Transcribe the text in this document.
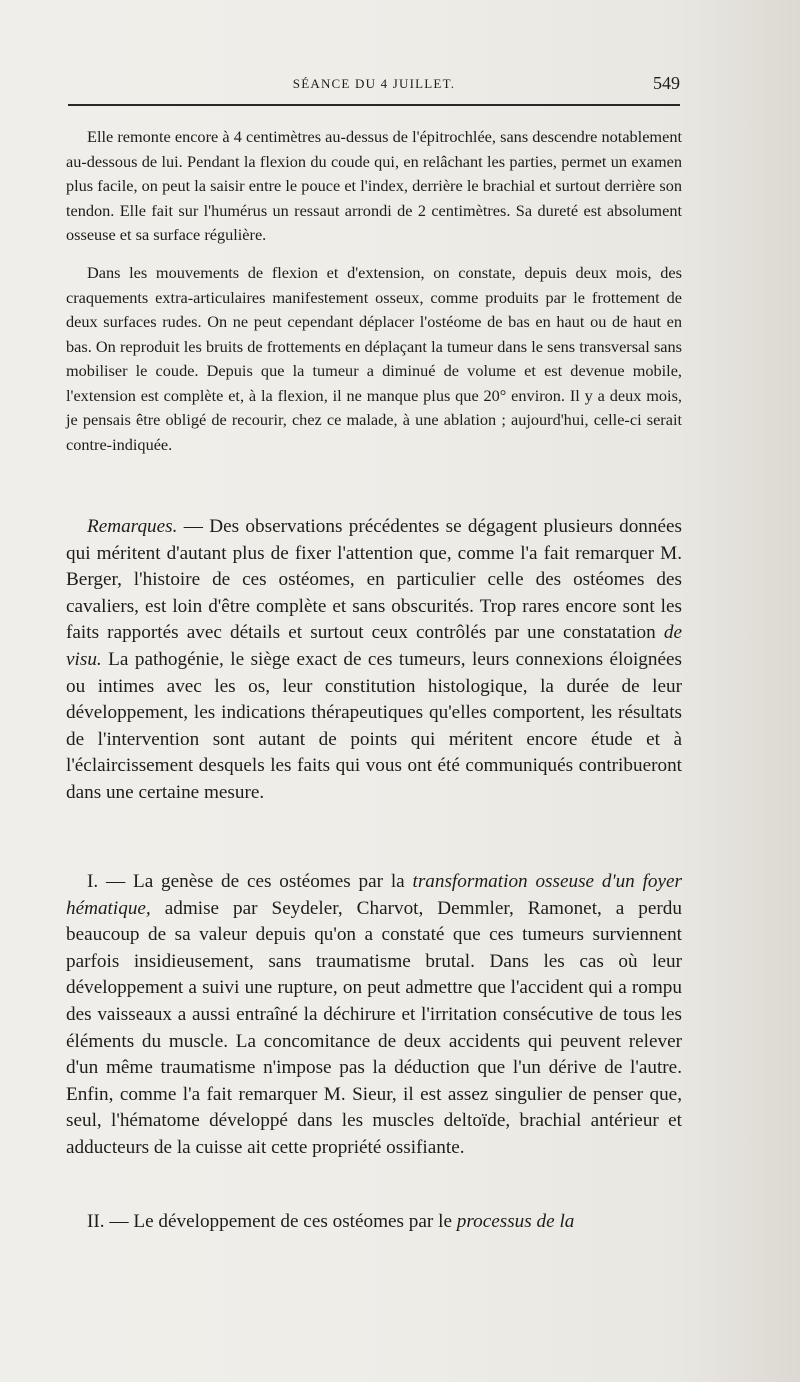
SÉANCE DU 4 JUILLET.	549

Elle remonte encore à 4 centimètres au-dessus de l'épitrochlée, sans descendre notablement au-dessous de lui. Pendant la flexion du coude qui, en relâchant les parties, permet un examen plus facile, on peut la saisir entre le pouce et l'index, derrière le brachial et surtout derrière son tendon. Elle fait sur l'humérus un ressaut arrondi de 2 centimètres. Sa dureté est absolument osseuse et sa surface régulière.

Dans les mouvements de flexion et d'extension, on constate, depuis deux mois, des craquements extra-articulaires manifestement osseux, comme produits par le frottement de deux surfaces rudes. On ne peut cependant déplacer l'ostéome de bas en haut ou de haut en bas. On reproduit les bruits de frottements en déplaçant la tumeur dans le sens transversal sans mobiliser le coude. Depuis que la tumeur a diminué de volume et est devenue mobile, l'extension est complète et, à la flexion, il ne manque plus que 20° environ. Il y a deux mois, je pensais être obligé de recourir, chez ce malade, à une ablation ; aujourd'hui, celle-ci serait contre-indiquée.

Remarques. — Des observations précédentes se dégagent plusieurs données qui méritent d'autant plus de fixer l'attention que, comme l'a fait remarquer M. Berger, l'histoire de ces ostéomes, en particulier celle des ostéomes des cavaliers, est loin d'être complète et sans obscurités. Trop rares encore sont les faits rapportés avec détails et surtout ceux contrôlés par une constatation de visu. La pathogénie, le siège exact de ces tumeurs, leurs connexions éloignées ou intimes avec les os, leur constitution histologique, la durée de leur développement, les indications thérapeutiques qu'elles comportent, les résultats de l'intervention sont autant de points qui méritent encore étude et à l'éclaircissement desquels les faits qui vous ont été communiqués contribueront dans une certaine mesure.

I. — La genèse de ces ostéomes par la transformation osseuse d'un foyer hématique, admise par Seydeler, Charvot, Demmler, Ramonet, a perdu beaucoup de sa valeur depuis qu'on a constaté que ces tumeurs surviennent parfois insidieusement, sans traumatisme brutal. Dans les cas où leur développement a suivi une rupture, on peut admettre que l'accident qui a rompu des vaisseaux a aussi entraîné la déchirure et l'irritation consécutive de tous les éléments du muscle. La concomitance de deux accidents qui peuvent relever d'un même traumatisme n'impose pas la déduction que l'un dérive de l'autre. Enfin, comme l'a fait remarquer M. Sieur, il est assez singulier de penser que, seul, l'hématome développé dans les muscles deltoïde, brachial antérieur et adducteurs de la cuisse ait cette propriété ossifiante.

II. — Le développement de ces ostéomes par le processus de la
